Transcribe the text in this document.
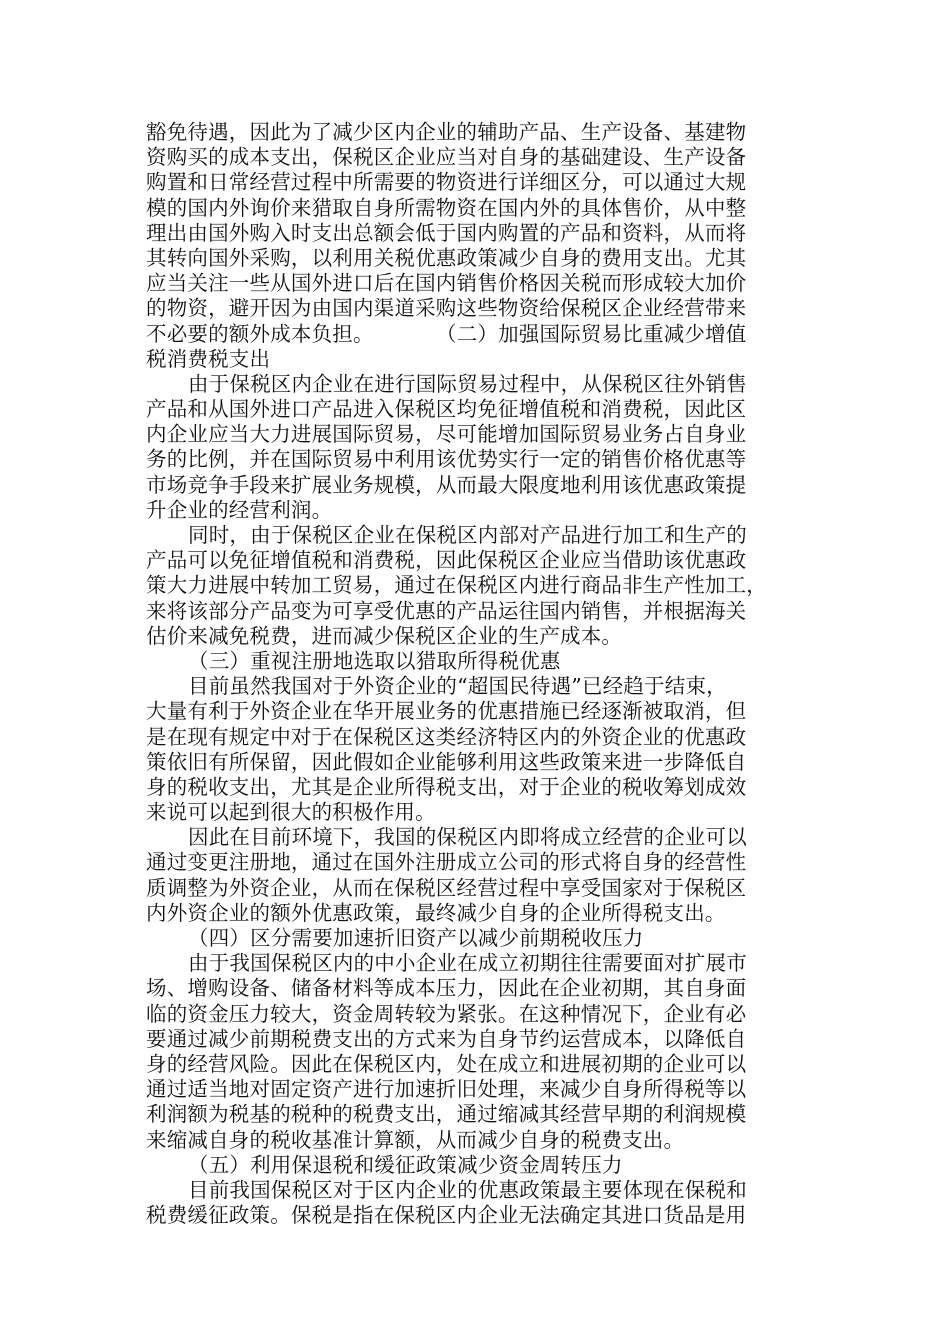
豁免待遇，因此为了减少区内企业的辅助产品、生产设备、基建物
资购买的成本支出，保税区企业应当对自身的基础建设、生产设备
购置和日常经营过程中所需要的物资进行详细区分，可以通过大规
模的国内外询价来猎取自身所需物资在国内外的具体售价，从中整
理出由国外购入时支出总额会低于国内购置的产品和资料，从而将
其转向国外采购，以利用关税优惠政策减少自身的费用支出。尤其
应当关注一些从国外进口后在国内销售价格因关税而形成较大加价
的物资，避开因为由国内渠道采购这些物资给保税区企业经营带来
不必要的额外成本负担。　　　　（二）加强国际贸易比重减少增值
税消费税支出
由于保税区内企业在进行国际贸易过程中，从保税区往外销售
产品和从国外进口产品进入保税区均免征增值税和消费税，因此区
内企业应当大力进展国际贸易，尽可能增加国际贸易业务占自身业
务的比例，并在国际贸易中利用该优势实行一定的销售价格优惠等
市场竞争手段来扩展业务规模，从而最大限度地利用该优惠政策提
升企业的经营利润。
同时，由于保税区企业在保税区内部对产品进行加工和生产的
产品可以免征增值税和消费税，因此保税区企业应当借助该优惠政
策大力进展中转加工贸易，通过在保税区内进行商品非生产性加工，
来将该部分产品变为可享受优惠的产品运往国内销售，并根据海关
估价来减免税费，进而减少保税区企业的生产成本。
（三）重视注册地选取以猎取所得税优惠
目前虽然我国对于外资企业的“超国民待遇”已经趋于结束，
大量有利于外资企业在华开展业务的优惠措施已经逐渐被取消，但
是在现有规定中对于在保税区这类经济特区内的外资企业的优惠政
策依旧有所保留，因此假如企业能够利用这些政策来进一步降低自
身的税收支出，尤其是企业所得税支出，对于企业的税收筹划成效
来说可以起到很大的积极作用。
因此在目前环境下，我国的保税区内即将成立经营的企业可以
通过变更注册地，通过在国外注册成立公司的形式将自身的经营性
质调整为外资企业，从而在保税区经营过程中享受国家对于保税区
内外资企业的额外优惠政策，最终减少自身的企业所得税支出。
（四）区分需要加速折旧资产以减少前期税收压力
由于我国保税区内的中小企业在成立初期往往需要面对扩展市
场、增购设备、储备材料等成本压力，因此在企业初期，其自身面
临的资金压力较大，资金周转较为紧张。在这种情况下，企业有必
要通过减少前期税费支出的方式来为自身节约运营成本，以降低自
身的经营风险。因此在保税区内，处在成立和进展初期的企业可以
通过适当地对固定资产进行加速折旧处理，来减少自身所得税等以
利润额为税基的税种的税费支出，通过缩减其经营早期的利润规模
来缩减自身的税收基准计算额，从而减少自身的税费支出。
（五）利用保退税和缓征政策减少资金周转压力
目前我国保税区对于区内企业的优惠政策最主要体现在保税和
税费缓征政策。保税是指在保税区内企业无法确定其进口货品是用
